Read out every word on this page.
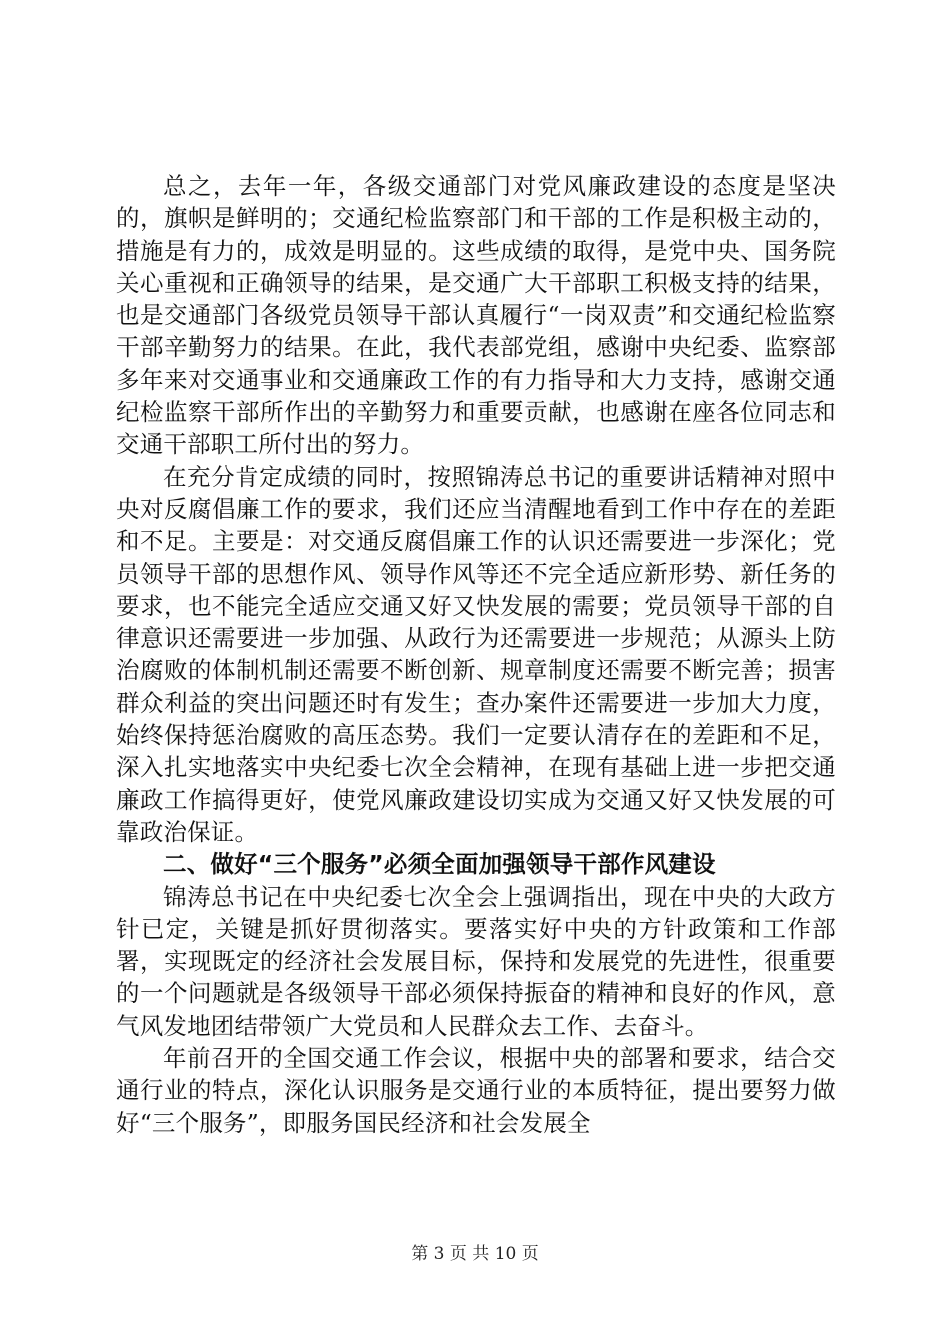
总之，去年一年，各级交通部门对党风廉政建设的态度是坚决的，旗帜是鲜明的；交通纪检监察部门和干部的工作是积极主动的，措施是有力的，成效是明显的。这些成绩的取得，是党中央、国务院关心重视和正确领导的结果，是交通广大干部职工积极支持的结果，也是交通部门各级党员领导干部认真履行“一岗双责”和交通纪检监察干部辛勤努力的结果。在此，我代表部党组，感谢中央纪委、监察部多年来对交通事业和交通廉政工作的有力指导和大力支持，感谢交通纪检监察干部所作出的辛勤努力和重要贡献，也感谢在座各位同志和交通干部职工所付出的努力。

在充分肯定成绩的同时，按照锦涛总书记的重要讲话精神对照中央对反腐倡廉工作的要求，我们还应当清醒地看到工作中存在的差距和不足。主要是：对交通反腐倡廉工作的认识还需要进一步深化；党员领导干部的思想作风、领导作风等还不完全适应新形势、新任务的要求，也不能完全适应交通又好又快发展的需要；党员领导干部的自律意识还需要进一步加强、从政行为还需要进一步规范；从源头上防治腐败的体制机制还需要不断创新、规章制度还需要不断完善；损害群众利益的突出问题还时有发生；查办案件还需要进一步加大力度，始终保持惩治腐败的高压态势。我们一定要认清存在的差距和不足，深入扎实地落实中央纪委七次全会精神，在现有基础上进一步把交通廉政工作搞得更好，使党风廉政建设切实成为交通又好又快发展的可靠政治保证。

二、做好“三个服务”必须全面加强领导干部作风建设

锦涛总书记在中央纪委七次全会上强调指出，现在中央的大政方针已定，关键是抓好贯彻落实。要落实好中央的方针政策和工作部署，实现既定的经济社会发展目标，保持和发展党的先进性，很重要的一个问题就是各级领导干部必须保持振奋的精神和良好的作风，意气风发地团结带领广大党员和人民群众去工作、去奋斗。

年前召开的全国交通工作会议，根据中央的部署和要求，结合交通行业的特点，深化认识服务是交通行业的本质特征，提出要努力做好“三个服务”，即服务国民经济和社会发展全

第 3 页 共 10 页
